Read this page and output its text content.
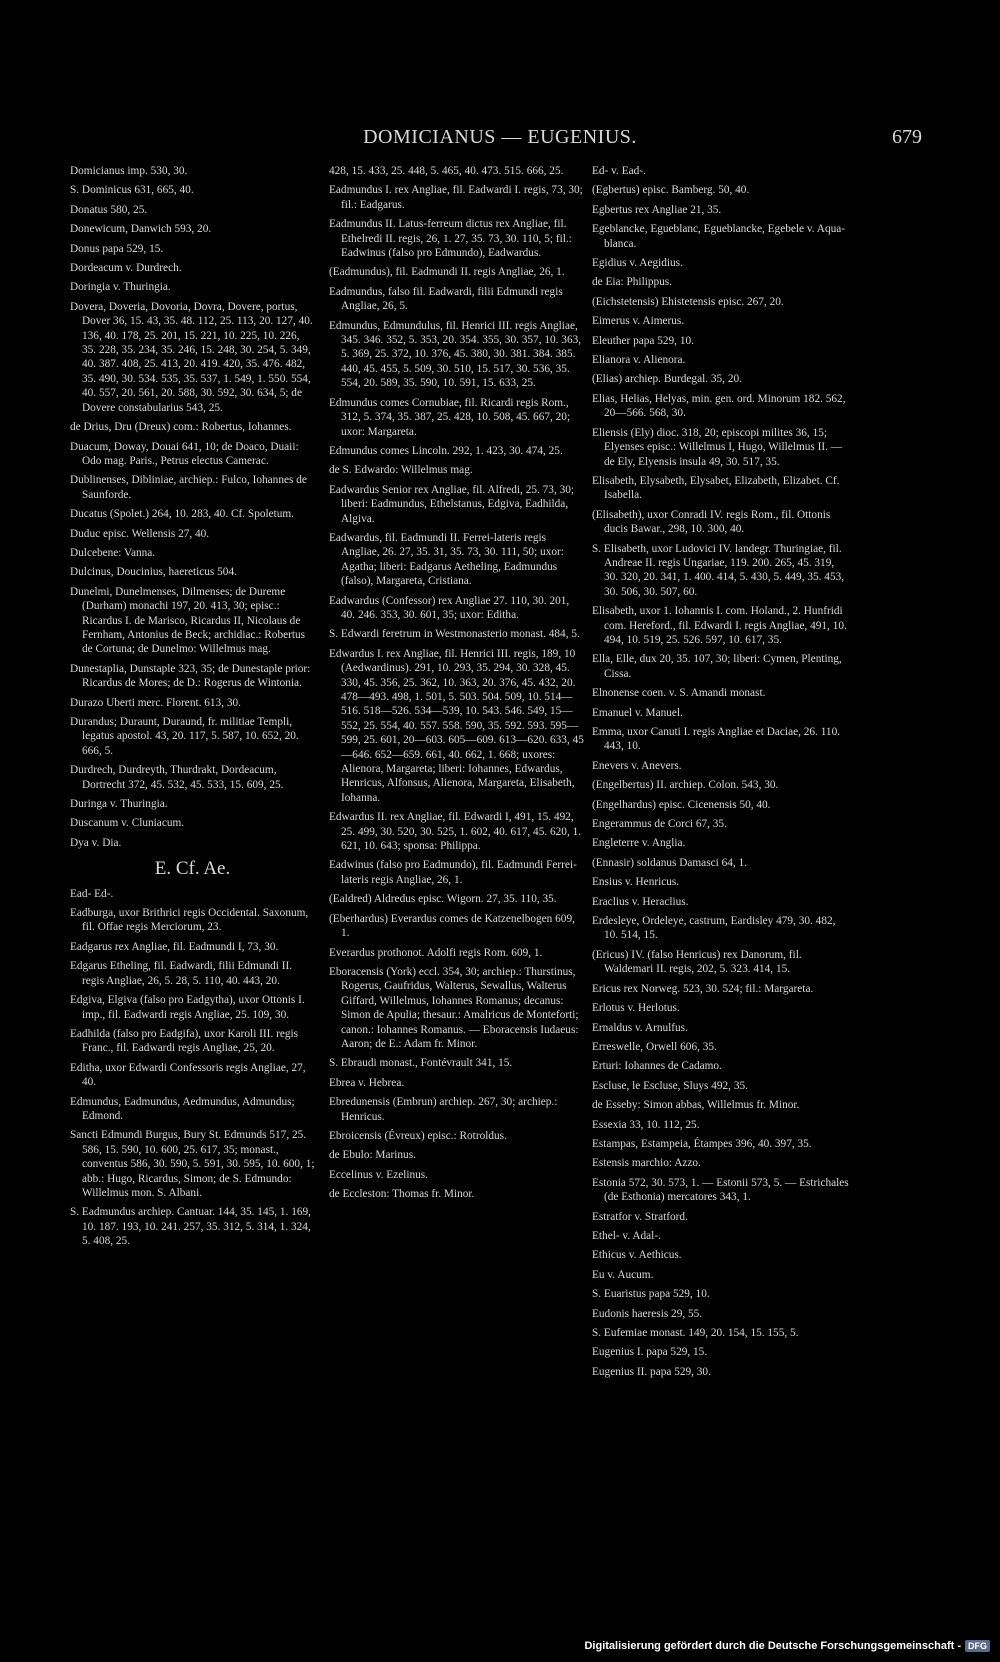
DOMICIANUS — EUGENIUS.	679

Domicianus imp. 530, 30.

S. Dominicus 631, 665, 40.

Donatus 580, 25.

Donewicum, Danwich 593, 20.

Donus papa 529, 15.

Dordeacum v. Durdrech.

Doringia v. Thuringia.

Dovera, Doveria, Dovoria, Dovra, Dovere, portus, Dover 36, 15. 43, 35. 48. 112, 25. 113, 20. 127, 40. 136, 40. 178, 25. 201, 15. 221, 10. 225, 10. 226, 35. 228, 35. 234, 35. 246, 15. 248, 30. 254, 5. 349, 40. 387. 408, 25. 413, 20. 419. 420, 35. 476. 482, 35. 490, 30. 534. 535, 35. 537, 1. 549, 1. 550. 554, 40. 557, 20. 561, 20. 588, 30. 592, 30. 634, 5; de Dovere constabularius 543, 25.

de Drius, Dru (Dreux) com.: Robertus, Iohannes.

Duacum, Doway, Douai 641, 10; de Doaco, Duaii: Odo mag. Paris., Petrus electus Camerac.

Dublinenses, Dibliniae, archiep.: Fulco, Iohannes de Saunforde.

Ducatus (Spolet.) 264, 10. 283, 40. Cf. Spoletum.

Duduc episc. Wellensis 27, 40.

Dulcebene: Vanna.

Dulcinus, Doucinius, haereticus 504.

Dunelmi, Dunelmenses, Dilmenses; de Dureme (Durham) monachi 197, 20. 413, 30; episc.: Ricardus I. de Marisco, Ricardus II, Nicolaus de Fernham, Antonius de Beck; archidiac.: Robertus de Cortuna; de Dunelmo: Willelmus mag.

Dunestaplia, Dunstaple 323, 35; de Dunestaple prior: Ricardus de Mores; de D.: Rogerus de Wintonia.

Durazo Uberti merc. Florent. 613, 30.

Durandus; Duraunt, Duraund, fr. militiae Templi, legatus apostol. 43, 20. 117, 5. 587, 10. 652, 20. 666, 5.

Durdrech, Durdreyth, Thurdrakt, Dordeacum, Dortrecht 372, 45. 532, 45. 533, 15. 609, 25.

Duringa v. Thuringia.

Duscanum v. Cluniacum.

Dya v. Dia.

E. Cf. Ae.

Ead- Ed-.

Eadburga, uxor Brithrici regis Occidental. Saxonum, fil. Offae regis Merciorum, 23.

Eadgarus rex Angliae, fil. Eadmundi I, 73, 30.

Edgarus Etheling, fil. Eadwardi, filii Edmundi II. regis Angliae, 26, 5. 28, 5. 110, 40. 443, 20.

Edgiva, Elgiva (falso pro Eadgytha), uxor Ottonis I. imp., fil. Eadwardi regis Angliae, 25. 109, 30.

Eadhilda (falso pro Eadgifa), uxor Karoli III. regis Franc., fil. Eadwardi regis Angliae, 25, 20.

Editha, uxor Edwardi Confessoris regis Angliae, 27, 40.

Edmundus, Eadmundus, Aedmundus, Admundus; Edmond.

Sancti Edmundi Burgus, Bury St. Edmunds 517, 25. 586, 15. 590, 10. 600, 25. 617, 35; monast., conventus 586, 30. 590, 5. 591, 30. 595, 10. 600, 1; abb.: Hugo, Ricardus, Simon; de S. Edmundo: Willelmus mon. S. Albani.

S. Eadmundus archiep. Cantuar. 144, 35. 145, 1. 169, 10. 187. 193, 10. 241. 257, 35. 312, 5. 314, 1. 324, 5. 408, 25.

428, 15. 433, 25. 448, 5. 465, 40. 473. 515. 666, 25.

Eadmundus I. rex Angliae, fil. Eadwardi I. regis, 73, 30; fil.: Eadgarus.

Eadmundus II. Latus-ferreum dictus rex Angliae, fil. Ethelredi II. regis, 26, 1. 27, 35. 73, 30. 110, 5; fil.: Eadwinus (falso pro Edmundo), Eadwardus.

(Eadmundus), fil. Eadmundi II. regis Angliae, 26, 1.

Eadmundus, falso fil. Eadwardi, filii Edmundi regis Angliae, 26, 5.

Edmundus, Edmundulus, fil. Henrici III. regis Angliae, 345. 346. 352, 5. 353, 20. 354. 355, 30. 357, 10. 363, 5. 369, 25. 372, 10. 376, 45. 380, 30. 381. 384. 385. 440, 45. 455, 5. 509, 30. 510, 15. 517, 30. 536, 35. 554, 20. 589, 35. 590, 10. 591, 15. 633, 25.

Edmundus comes Cornubiae, fil. Ricardi regis Rom., 312, 5. 374, 35. 387, 25. 428, 10. 508, 45. 667, 20; uxor: Margareta.

Edmundus comes Lincoln. 292, 1. 423, 30. 474, 25.

de S. Edwardo: Willelmus mag.

Eadwardus Senior rex Angliae, fil. Alfredi, 25. 73, 30; liberi: Eadmundus, Ethelstanus, Edgiva, Eadhilda, Algiva.

Eadwardus, fil. Eadmundi II. Ferrei-lateris regis Angliae, 26. 27, 35. 31, 35. 73, 30. 111, 50; uxor: Agatha; liberi: Eadgarus Aetheling, Eadmundus (falso), Margareta, Cristiana.

Eadwardus (Confessor) rex Angliae 27. 110, 30. 201, 40. 246. 353, 30. 601, 35; uxor: Editha.

S. Edwardi feretrum in Westmonasterio monast. 484, 5.

Edwardus I. rex Angliae, fil. Henrici III. regis, 189, 10 (Aedwardinus). 291, 10. 293, 35. 294, 30. 328, 45. 330, 45. 356, 25. 362, 10. 363, 20. 376, 45. 432, 20. 478—493. 498, 1. 501, 5. 503. 504. 509, 10. 514—516. 518—526. 534—539, 10. 543. 546. 549, 15—552, 25. 554, 40. 557. 558. 590, 35. 592. 593. 595—599, 25. 601, 20—603. 605—609. 613—620. 633, 45—646. 652—659. 661, 40. 662, 1. 668; uxores: Alienora, Margareta; liberi: Iohannes, Edwardus, Henricus, Alfonsus, Alienora, Margareta, Elisabeth, Iohanna.

Edwardus II. rex Angliae, fil. Edwardi I, 491, 15. 492, 25. 499, 30. 520, 30. 525, 1. 602, 40. 617, 45. 620, 1. 621, 10. 643; sponsa: Philippa.

Eadwinus (falso pro Eadmundo), fil. Eadmundi Ferrei-lateris regis Angliae, 26, 1.

(Ealdred) Aldredus episc. Wigorn. 27, 35. 110, 35.

(Eberhardus) Everardus comes de Katzenelbogen 609, 1.

Everardus prothonot. Adolfi regis Rom. 609, 1.

Eboracensis (York) eccl. 354, 30; archiep.: Thurstinus, Rogerus, Gaufridus, Walterus, Sewallus, Walterus Giffard, Willelmus, Iohannes Romanus; decanus: Simon de Apulia; thesaur.: Amalricus de Monteforti; canon.: Iohannes Romanus. — Eboracensis Iudaeus: Aaron; de E.: Adam fr. Minor.

S. Ebraudi monast., Fontévrault 341, 15.

Ebrea v. Hebrea.

Ebredunensis (Embrun) archiep. 267, 30; archiep.: Henricus.

Ebroicensis (Évreux) episc.: Rotroldus.

de Ebulo: Marinus.

Eccelinus v. Ezelinus.

de Eccleston: Thomas fr. Minor.

Ed- v. Ead-.

(Egbertus) episc. Bamberg. 50, 40.

Egbertus rex Angliae 21, 35.

Egeblancke, Egueblanc, Egueblancke, Egebele v. Aqua-blanca.

Egidius v. Aegidius.

de Eia: Philippus.

(Eichstetensis) Ehistetensis episc. 267, 20.

Eimerus v. Aimerus.

Eleuther papa 529, 10.

Elianora v. Alienora.

(Elias) archiep. Burdegal. 35, 20.

Elias, Helias, Helyas, min. gen. ord. Minorum 182. 562, 20—566. 568, 30.

Eliensis (Ely) dioc. 318, 20; episcopi milites 36, 15; Elyenses episc.: Willelmus I, Hugo, Willelmus II. — de Ely, Elyensis insula 49, 30. 517, 35.

Elisabeth, Elysabeth, Elysabet, Elizabeth, Elizabet. Cf. Isabella.

(Elisabeth), uxor Conradi IV. regis Rom., fil. Ottonis ducis Bawar., 298, 10. 300, 40.

S. Elisabeth, uxor Ludovici IV. landegr. Thuringiae, fil. Andreae II. regis Ungariae, 119. 200. 265, 45. 319, 30. 320, 20. 341, 1. 400. 414, 5. 430, 5. 449, 35. 453, 30. 506, 30. 507, 60.

Elisabeth, uxor 1. Iohannis I. com. Holand., 2. Hunfridi com. Hereford., fil. Edwardi I. regis Angliae, 491, 10. 494, 10. 519, 25. 526. 597, 10. 617, 35.

Ella, Elle, dux 20, 35. 107, 30; liberi: Cymen, Plenting, Cissa.

Elnonense coen. v. S. Amandi monast.

Emanuel v. Manuel.

Emma, uxor Canuti I. regis Angliae et Daciae, 26. 110. 443, 10.

Enevers v. Anevers.

(Engelbertus) II. archiep. Colon. 543, 30.

(Engelhardus) episc. Cicenensis 50, 40.

Engerammus de Corci 67, 35.

Engleterre v. Anglia.

(Ennasir) soldanus Damasci 64, 1.

Ensius v. Henricus.

Eraclius v. Heraclius.

Erdesleye, Ordeleye, castrum, Eardisley 479, 30. 482, 10. 514, 15.

(Ericus) IV. (falso Henricus) rex Danorum, fil. Waldemari II. regis, 202, 5. 323. 414, 15.

Ericus rex Norweg. 523, 30. 524; fil.: Margareta.

Erlotus v. Herlotus.

Ernaldus v. Arnulfus.

Erreswelle, Orwell 606, 35.

Erturi: Iohannes de Cadamo.

Escluse, le Escluse, Sluys 492, 35.

de Esseby: Simon abbas, Willelmus fr. Minor.

Essexia 33, 10. 112, 25.

Estampas, Estampeia, Étampes 396, 40. 397, 35.

Estensis marchio: Azzo.

Estonia 572, 30. 573, 1. — Estonii 573, 5. — Estrichales (de Esthonia) mercatores 343, 1.

Estratfor v. Stratford.

Ethel- v. Adal-.

Ethicus v. Aethicus.

Eu v. Aucum.

S. Euaristus papa 529, 10.

Eudonis haeresis 29, 55.

S. Eufemiae monast. 149, 20. 154, 15. 155, 5.

Eugenius I. papa 529, 15.

Eugenius II. papa 529, 30.

Digitalisierung gefördert durch die Deutsche Forschungsgemeinschaft - DFG
